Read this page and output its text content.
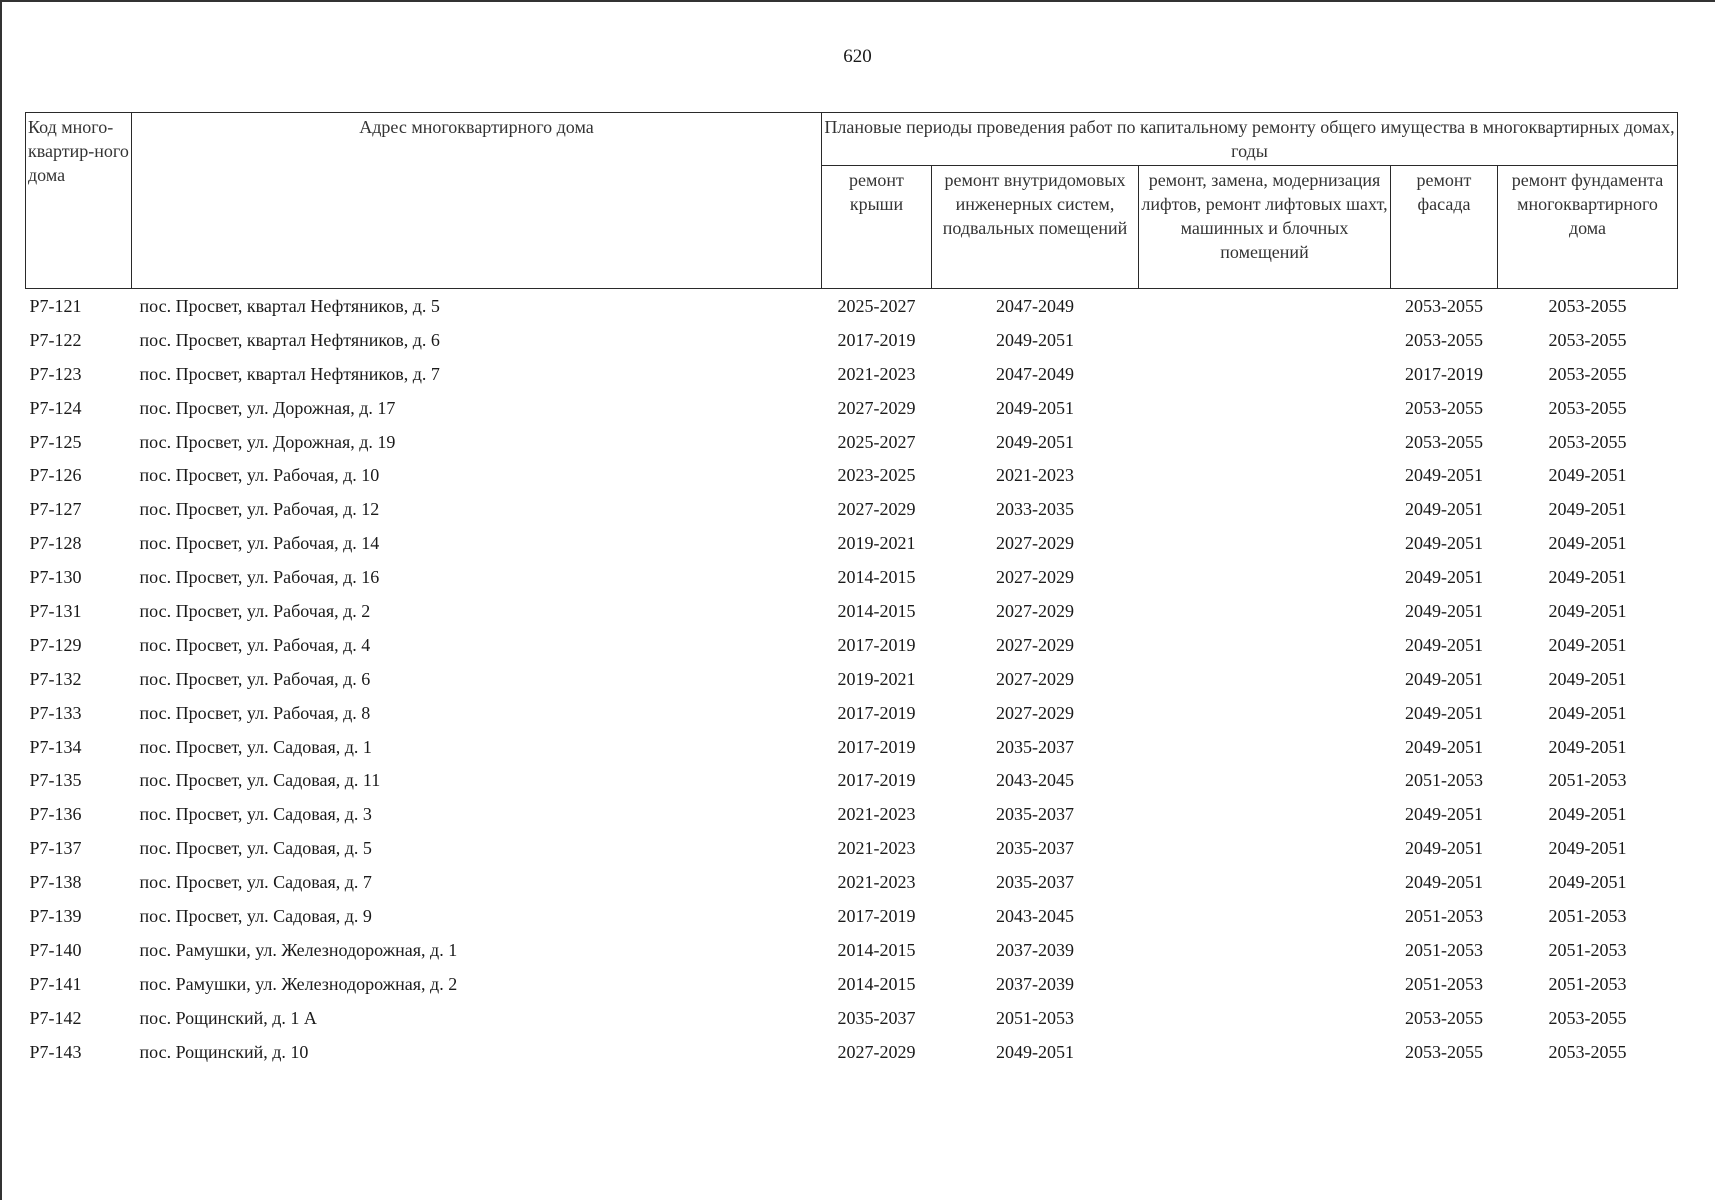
620
Код много-квартир-ного дома	Адрес многоквартирного дома	Плановые периоды проведения работ по капитальному ремонту общего имущества в многоквартирных домах, годы				
		ремонт крыши	ремонт внутридомовых инженерных систем, подвальных помещений	ремонт, замена, модернизация лифтов, ремонт лифтовых шахт, машинных и блочных помещений	ремонт фасада	ремонт фундамента многоквартирного дома
Р7-121	пос. Просвет, квартал Нефтяников, д. 5	2025-2027	2047-2049		2053-2055	2053-2055
Р7-122	пос. Просвет, квартал Нефтяников, д. 6	2017-2019	2049-2051		2053-2055	2053-2055
Р7-123	пос. Просвет, квартал Нефтяников, д. 7	2021-2023	2047-2049		2017-2019	2053-2055
Р7-124	пос. Просвет, ул. Дорожная, д. 17	2027-2029	2049-2051		2053-2055	2053-2055
Р7-125	пос. Просвет, ул. Дорожная, д. 19	2025-2027	2049-2051		2053-2055	2053-2055
Р7-126	пос. Просвет, ул. Рабочая, д. 10	2023-2025	2021-2023		2049-2051	2049-2051
Р7-127	пос. Просвет, ул. Рабочая, д. 12	2027-2029	2033-2035		2049-2051	2049-2051
Р7-128	пос. Просвет, ул. Рабочая, д. 14	2019-2021	2027-2029		2049-2051	2049-2051
Р7-130	пос. Просвет, ул. Рабочая, д. 16	2014-2015	2027-2029		2049-2051	2049-2051
Р7-131	пос. Просвет, ул. Рабочая, д. 2	2014-2015	2027-2029		2049-2051	2049-2051
Р7-129	пос. Просвет, ул. Рабочая, д. 4	2017-2019	2027-2029		2049-2051	2049-2051
Р7-132	пос. Просвет, ул. Рабочая, д. 6	2019-2021	2027-2029		2049-2051	2049-2051
Р7-133	пос. Просвет, ул. Рабочая, д. 8	2017-2019	2027-2029		2049-2051	2049-2051
Р7-134	пос. Просвет, ул. Садовая, д. 1	2017-2019	2035-2037		2049-2051	2049-2051
Р7-135	пос. Просвет, ул. Садовая, д. 11	2017-2019	2043-2045		2051-2053	2051-2053
Р7-136	пос. Просвет, ул. Садовая, д. 3	2021-2023	2035-2037		2049-2051	2049-2051
Р7-137	пос. Просвет, ул. Садовая, д. 5	2021-2023	2035-2037		2049-2051	2049-2051
Р7-138	пос. Просвет, ул. Садовая, д. 7	2021-2023	2035-2037		2049-2051	2049-2051
Р7-139	пос. Просвет, ул. Садовая, д. 9	2017-2019	2043-2045		2051-2053	2051-2053
Р7-140	пос. Рамушки, ул. Железнодорожная, д. 1	2014-2015	2037-2039		2051-2053	2051-2053
Р7-141	пос. Рамушки, ул. Железнодорожная, д. 2	2014-2015	2037-2039		2051-2053	2051-2053
Р7-142	пос. Рощинский, д. 1 А	2035-2037	2051-2053		2053-2055	2053-2055
Р7-143	пос. Рощинский, д. 10	2027-2029	2049-2051		2053-2055	2053-2055
